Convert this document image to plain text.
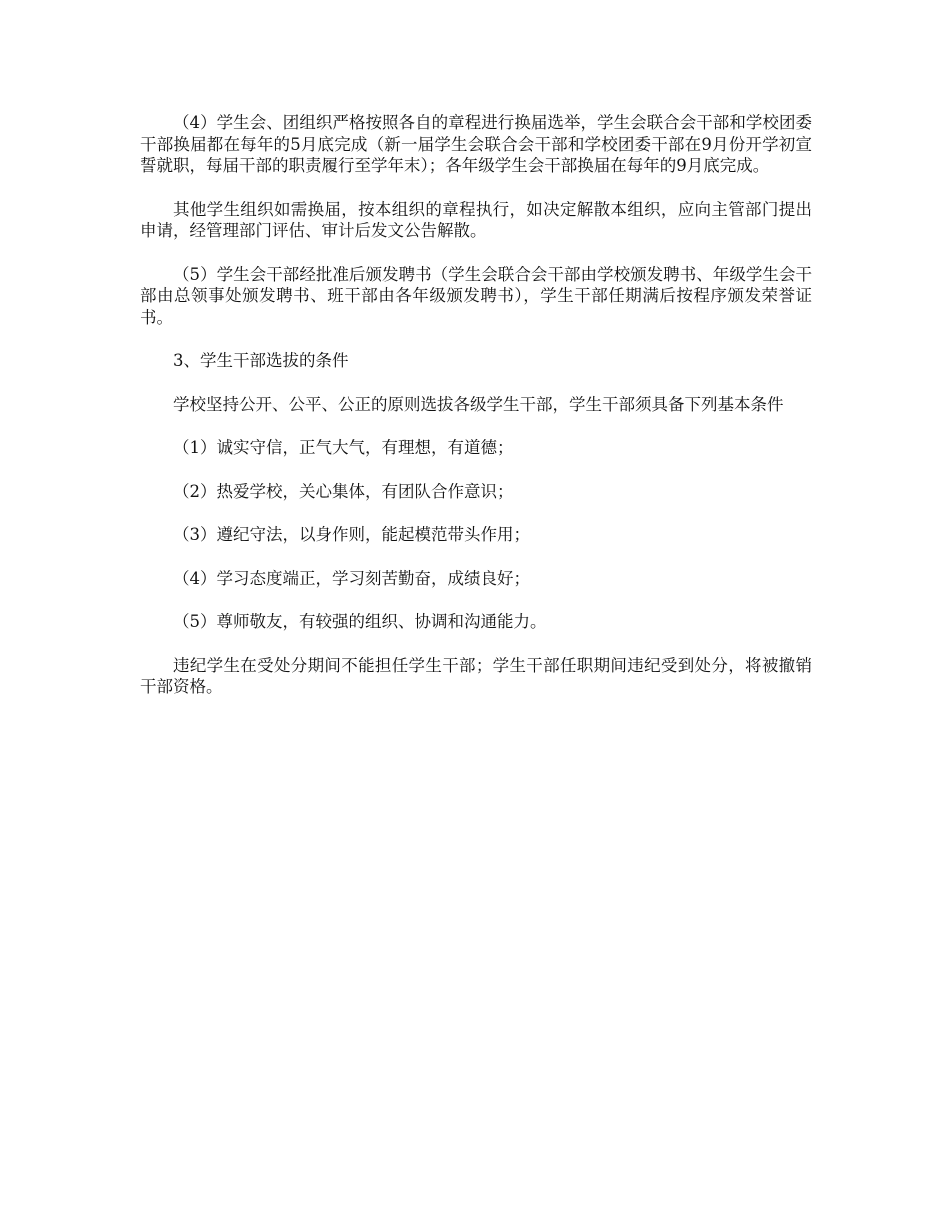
（4）学生会、团组织严格按照各自的章程进行换届选举，学生会联合会干部和学校团委干部换届都在每年的5月底完成（新一届学生会联合会干部和学校团委干部在9月份开学初宣誓就职，每届干部的职责履行至学年末）；各年级学生会干部换届在每年的9月底完成。

其他学生组织如需换届，按本组织的章程执行，如决定解散本组织，应向主管部门提出申请，经管理部门评估、审计后发文公告解散。

（5）学生会干部经批准后颁发聘书（学生会联合会干部由学校颁发聘书、年级学生会干部由总领事处颁发聘书、班干部由各年级颁发聘书），学生干部任期满后按程序颁发荣誉证书。

3、学生干部选拔的条件

学校坚持公开、公平、公正的原则选拔各级学生干部，学生干部须具备下列基本条件

（1）诚实守信，正气大气，有理想，有道德；

（2）热爱学校，关心集体，有团队合作意识；

（3）遵纪守法，以身作则，能起模范带头作用；

（4）学习态度端正，学习刻苦勤奋，成绩良好；

（5）尊师敬友，有较强的组织、协调和沟通能力。

违纪学生在受处分期间不能担任学生干部；学生干部任职期间违纪受到处分，将被撤销干部资格。
